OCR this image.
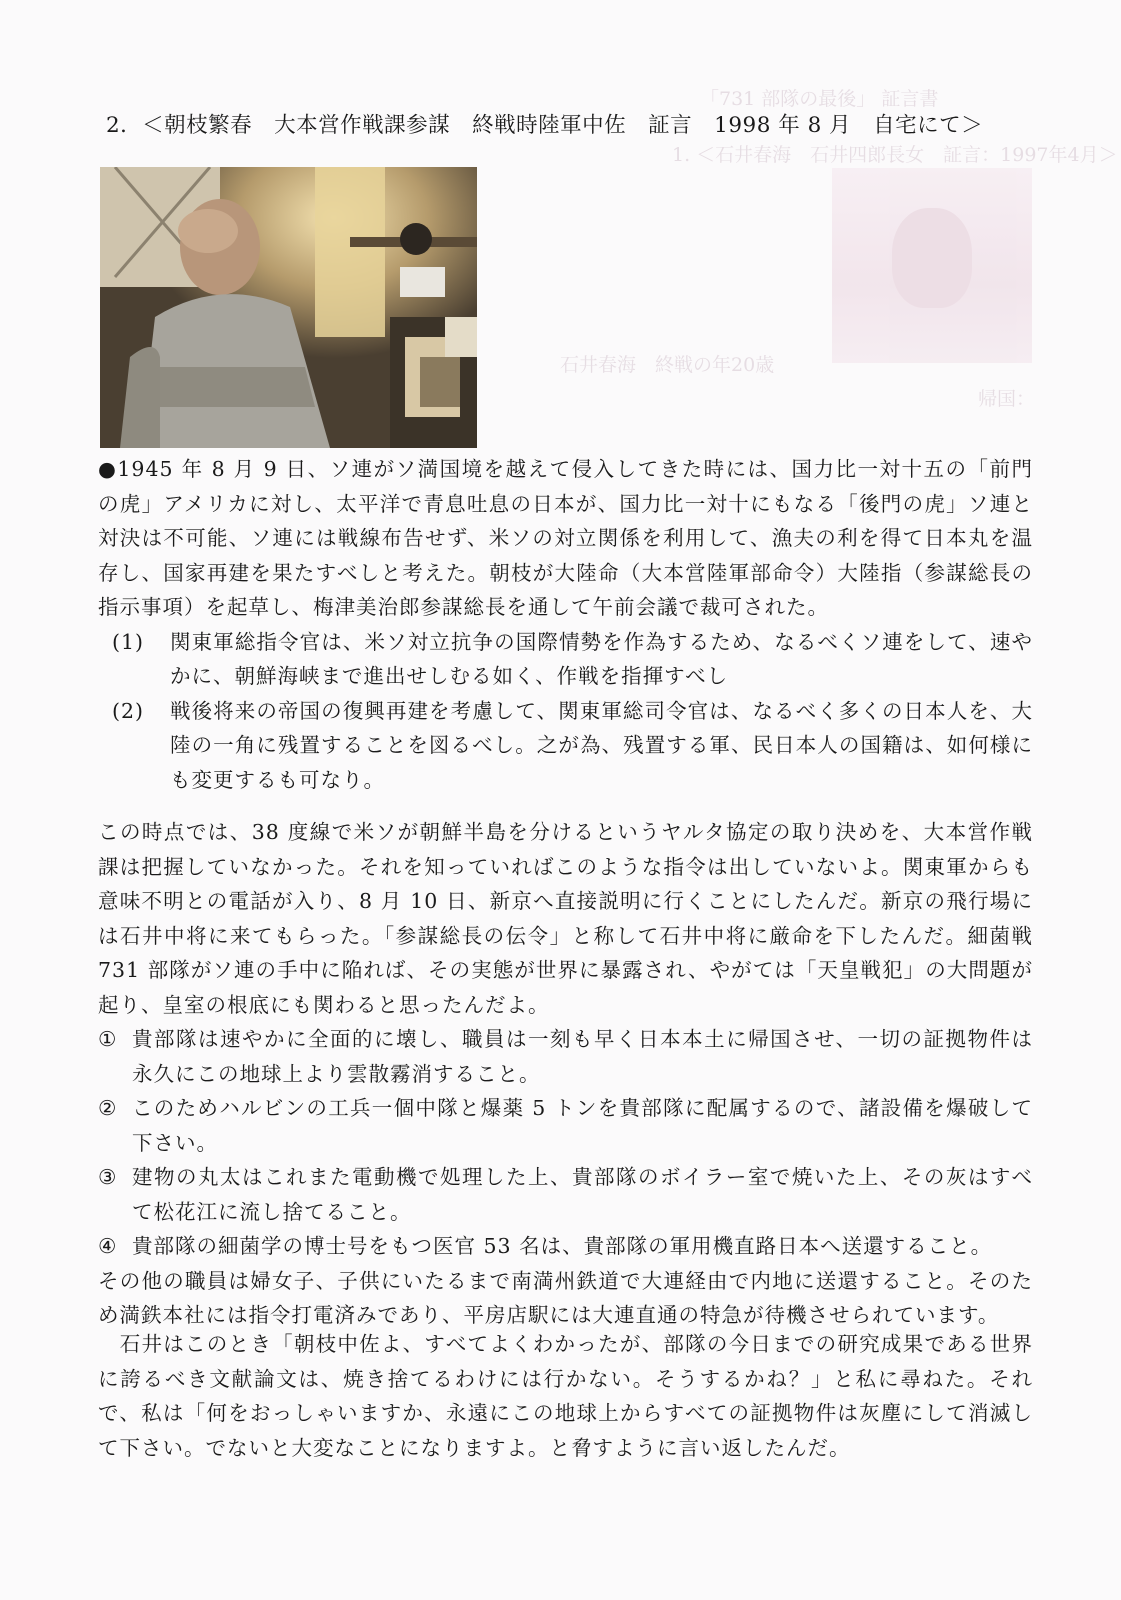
「731 部隊の最後」 証言書
1. ＜石井春海　石井四郎長女　証言：1997年4月＞
石井春海　終戦の年20歳
帰国：
2．＜朝枝繁春　大本営作戦課参謀　終戦時陸軍中佐　証言　1998 年 8 月　自宅にて＞

●1945 年 8 月 9 日、ソ連がソ満国境を越えて侵入してきた時には、国力比一対十五の「前門の虎」アメリカに対し、太平洋で青息吐息の日本が、国力比一対十にもなる「後門の虎」ソ連と対決は不可能、ソ連には戦線布告せず、米ソの対立関係を利用して、漁夫の利を得て日本丸を温存し、国家再建を果たすべしと考えた。朝枝が大陸命（大本営陸軍部命令）大陸指（参謀総長の指示事項）を起草し、梅津美治郎参謀総長を通して午前会議で裁可された。

(1) 関東軍総指令官は、米ソ対立抗争の国際情勢を作為するため、なるべくソ連をして、速やかに、朝鮮海峡まで進出せしむる如く、作戦を指揮すべし
(2) 戦後将来の帝国の復興再建を考慮して、関東軍総司令官は、なるべく多くの日本人を、大陸の一角に残置することを図るべし。之が為、残置する軍、民日本人の国籍は、如何様にも変更するも可なり。

この時点では、38 度線で米ソが朝鮮半島を分けるというヤルタ協定の取り決めを、大本営作戦課は把握していなかった。それを知っていればこのような指令は出していないよ。関東軍からも意味不明との電話が入り、8 月 10 日、新京へ直接説明に行くことにしたんだ。新京の飛行場には石井中将に来てもらった。「参謀総長の伝令」と称して石井中将に厳命を下したんだ。細菌戦 731 部隊がソ連の手中に陥れば、その実態が世界に暴露され、やがては「天皇戦犯」の大問題が起り、皇室の根底にも関わると思ったんだよ。

① 貴部隊は速やかに全面的に壊し、職員は一刻も早く日本本土に帰国させ、一切の証拠物件は永久にこの地球上より雲散霧消すること。
② このためハルビンの工兵一個中隊と爆薬 5 トンを貴部隊に配属するので、諸設備を爆破して下さい。
③ 建物の丸太はこれまた電動機で処理した上、貴部隊のボイラー室で焼いた上、その灰はすべて松花江に流し捨てること。
④ 貴部隊の細菌学の博士号をもつ医官 53 名は、貴部隊の軍用機直路日本へ送還すること。

その他の職員は婦女子、子供にいたるまで南満州鉄道で大連経由で内地に送還すること。そのため満鉄本社には指令打電済みであり、平房店駅には大連直通の特急が待機させられています。

　石井はこのとき「朝枝中佐よ、すべてよくわかったが、部隊の今日までの研究成果である世界に誇るべき文献論文は、焼き捨てるわけには行かない。そうするかね？」と私に尋ねた。それで、私は「何をおっしゃいますか、永遠にこの地球上からすべての証拠物件は灰塵にして消滅して下さい。でないと大変なことになりますよ。と脅すように言い返したんだ。
